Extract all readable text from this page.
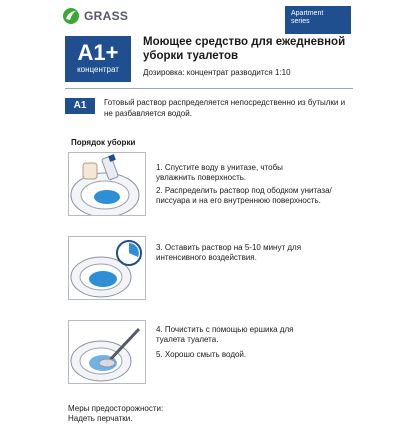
GRASS	Apartment
series
A1+
концентрат
Моющее средство для ежедневной уборки туалетов
Дозировка: концентрат разводится 1:10
A1	Готовый раствор распределяется непосредственно из бутылки и не разбавляется водой.
Порядок уборки
1. Спустите воду в унитазе, чтобы увлажнить поверхность.
2. Распределить раствор под ободком унитаза/писсуара и на его внутреннюю поверхность.
3. Оставить раствор на 5-10 минут для интенсивного воздействия.
4. Почистить с помощью ершика для туалета туалета.
5. Хорошо смыть водой.
Меры предосторожности:
Надеть перчатки.
